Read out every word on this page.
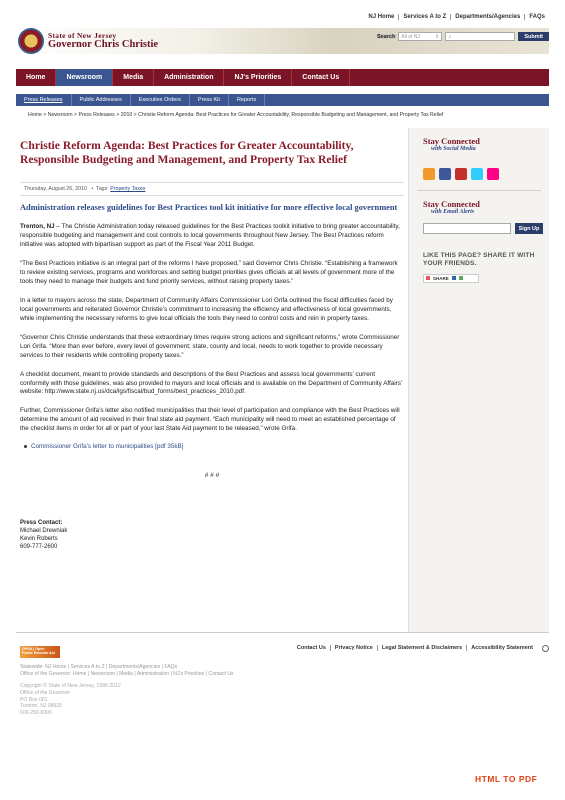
NJ Home	Services A to Z	Departments/Agencies	FAQs
State of New Jersey
Governor Chris Christie
Search All of NJ	⇕	⌕	Submit
Home	Newsroom	Media	Administration	NJ's Priorities	Contact Us
Press Releases	Public Addresses	Executive Orders	Press Kit	Reports
Home > Newsroom > Press Releases > 2010 > Christie Reform Agenda: Best Practices for Greater Accountability, Responsible Budgeting and Management, and Property Tax Relief
Christie Reform Agenda: Best Practices for Greater Accountability, Responsible Budgeting and Management, and Property Tax Relief
Thursday, August 26, 2010   •  Tags: Property Taxes
Administration releases guidelines for Best Practices tool kit initiative for more effective local government

Trenton, NJ – The Christie Administration today released guidelines for the Best Practices toolkit initiative to bring greater accountability, responsible budgeting and management and cost controls to local governments throughout New Jersey. The Best Practices reform initiative was adopted with bipartisan support as part of the Fiscal Year 2011 Budget.

“The Best Practices initiative is an integral part of the reforms I have proposed,” said Governor Chris Christie. “Establishing a framework to review existing services, programs and workforces and setting budget priorities gives officials at all levels of government more of the tools they need to manage their budgets and fund priority services, without raising property taxes.”

In a letter to mayors across the state, Department of Community Affairs Commissioner Lori Grifa outlined the fiscal difficulties faced by local governments and reiterated Governor Christie’s commitment to increasing the efficiency and effectiveness of local governments, while implementing the necessary reforms to give local officials the tools they need to control costs and rein in property taxes.

“Governor Chris Christie understands that these extraordinary times require strong actions and significant reforms,” wrote Commissioner Lori Grifa. “More than ever before, every level of government; state, county and local, needs to work together to provide necessary services to their residents while controlling property taxes.”

A checklist document, meant to provide standards and descriptions of the Best Practices and assess local governments’ current conformity with those guidelines, was also provided to mayors and local officials and is available on the Department of Community Affairs’ website: http://www.state.nj.us/dca/lgs/fiscal/bud_forms/best_practices_2010.pdf.

Further, Commissioner Grifa’s letter also notified municipalities that their level of participation and compliance with the Best Practices will determine the amount of aid received in their final state aid payment. “Each municipality will need to meet an established percentage of the checklist items in order for all or part of your last State Aid payment to be released,” wrote Grifa.

Commissioner Grifa’s letter to municipalities [pdf 35kB]
# # #
Press Contact:
Michael Drewniak
Kevin Roberts
609-777-2600
Stay Connected
with Social Media
Stay Connected
with Email Alerts
Sign Up
LIKE THIS PAGE? SHARE IT WITH YOUR FRIENDS.
SHARE
OPRA | Open
Public Records Act
Contact Us	Privacy Notice	Legal Statement & Disclaimers	Accessibility Statement
Statewide: NJ Home | Services A to Z | Departments/Agencies | FAQs
Office of the Governor: Home | Newsroom | Media | Administration | NJ's Priorities | Contact Us
Copyright © State of New Jersey, 1996-2012
Office of the Governor
PO Box 001
Trenton, NJ 08625
609-292-6000
HTML TO PDF
